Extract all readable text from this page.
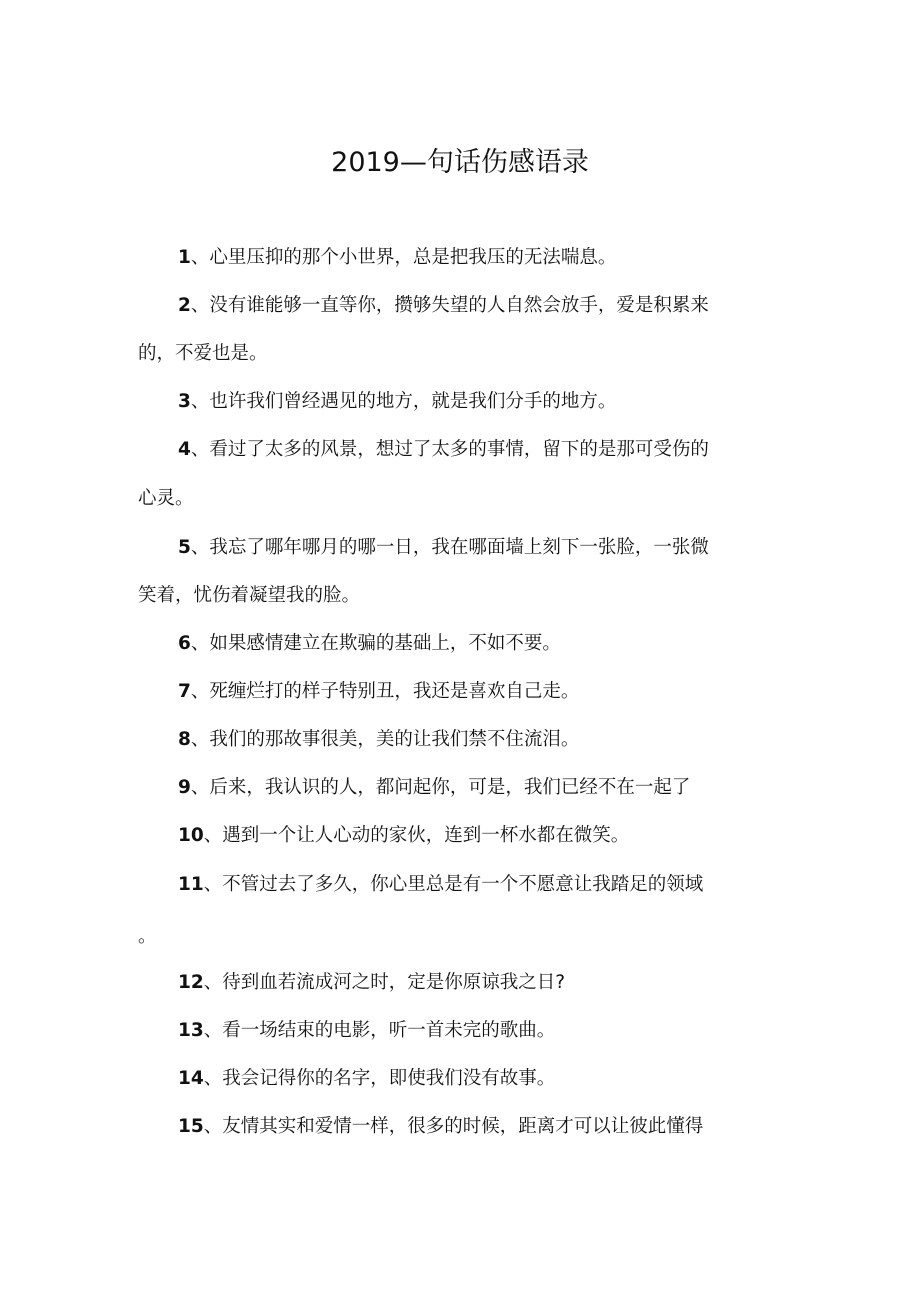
2019—句话伤感语录
1、心里压抑的那个小世界，总是把我压的无法喘息。
2、没有谁能够一直等你，攒够失望的人自然会放手，爱是积累来
的，不爱也是。
3、也许我们曾经遇见的地方，就是我们分手的地方。
4、看过了太多的风景，想过了太多的事情，留下的是那可受伤的
心灵。
5、我忘了哪年哪月的哪一日，我在哪面墙上刻下一张脸，一张微
笑着，忧伤着凝望我的脸。
6、如果感情建立在欺骗的基础上，不如不要。
7、死缠烂打的样子特别丑，我还是喜欢自己走。
8、我们的那故事很美，美的让我们禁不住流泪。
9、后来，我认识的人，都问起你，可是，我们已经不在一起了
10、遇到一个让人心动的家伙，连到一杯水都在微笑。
11、不管过去了多久，你心里总是有一个不愿意让我踏足的领域
。
12、待到血若流成河之时，定是你原谅我之日?
13、看一场结束的电影，听一首未完的歌曲。
14、我会记得你的名字，即使我们没有故事。
15、友情其实和爱情一样，很多的时候，距离才可以让彼此懂得
